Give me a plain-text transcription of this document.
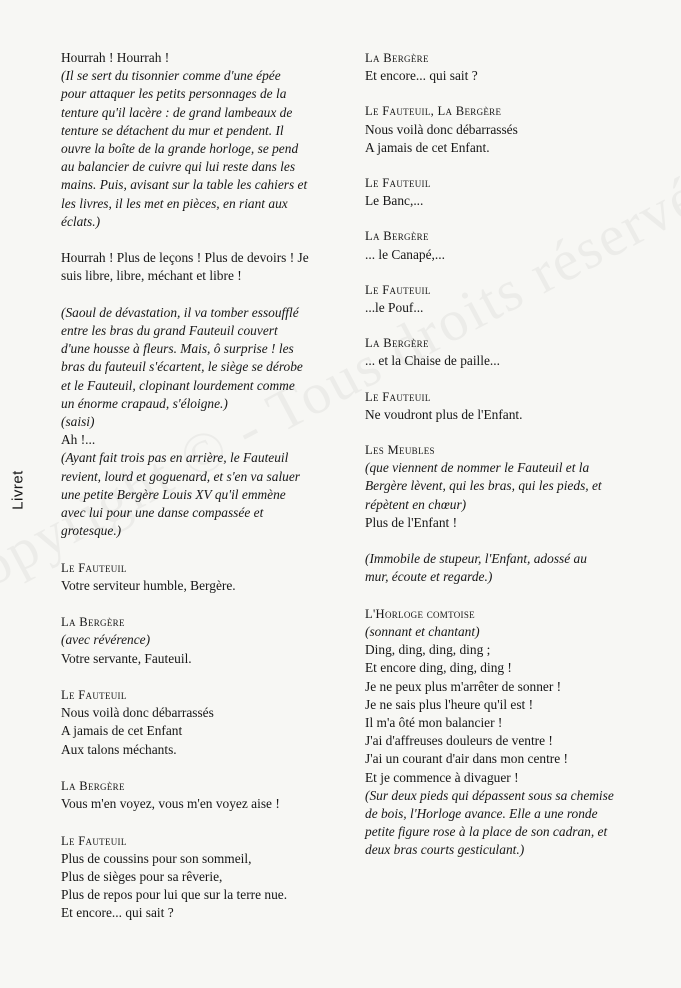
Livret
Hourrah ! Hourrah !
(Il se sert du tisonnier comme d'une épée
pour attaquer les petits personnages de la
tenture qu'il lacère : de grand lambeaux de
tenture se détachent du mur et pendent. Il
ouvre la boîte de la grande horloge, se pend
au balancier de cuivre qui lui reste dans les
mains. Puis, avisant sur la table les cahiers et
les livres, il les met en pièces, en riant aux
éclats.)
Hourrah ! Plus de leçons ! Plus de devoirs ! Je
suis libre, libre, méchant et libre !
(Saoul de dévastation, il va tomber essoufflé
entre les bras du grand Fauteuil couvert
d'une housse à fleurs. Mais, ô surprise ! les
bras du fauteuil s'écartent, le siège se dérobe
et le Fauteuil, clopinant lourdement comme
un énorme crapaud, s'éloigne.)
(saisi)
Ah !...
(Ayant fait trois pas en arrière, le Fauteuil
revient, lourd et goguenard, et s'en va saluer
une petite Bergère Louis XV qu'il emmène
avec lui pour une danse compassée et
grotesque.)
Le Fauteuil
Votre serviteur humble, Bergère.
La Bergère
(avec révérence)
Votre servante, Fauteuil.
Le Fauteuil
Nous voilà donc débarrassés
A jamais de cet Enfant
Aux talons méchants.
La Bergère
Vous m'en voyez, vous m'en voyez aise !
Le Fauteuil
Plus de coussins pour son sommeil,
Plus de sièges pour sa rêverie,
Plus de repos pour lui que sur la terre nue.
Et encore... qui sait ?
La Bergère
Et encore... qui sait ?
Le Fauteuil, La Bergère
Nous voilà donc débarrassés
A jamais de cet Enfant.
Le Fauteuil
Le Banc,...
La Bergère
... le Canapé,...
Le Fauteuil
...le Pouf...
La Bergère
... et la Chaise de paille...
Le Fauteuil
Ne voudront plus de l'Enfant.
Les Meubles
(que viennent de nommer le Fauteuil et la
Bergère lèvent, qui les bras, qui les pieds, et
répètent en chœur)
Plus de l'Enfant !
(Immobile de stupeur, l'Enfant, adossé au
mur, écoute et regarde.)
L'Horloge comtoise
(sonnant et chantant)
Ding, ding, ding, ding ;
Et encore ding, ding, ding !
Je ne peux plus m'arrêter de sonner !
Je ne sais plus l'heure qu'il est !
Il m'a ôté mon balancier !
J'ai d'affreuses douleurs de ventre !
J'ai un courant d'air dans mon centre !
Et je commence à divaguer !
(Sur deux pieds qui dépassent sous sa chemise
de bois, l'Horloge avance. Elle a une ronde
petite figure rose à la place de son cadran, et
deux bras courts gesticulant.)
